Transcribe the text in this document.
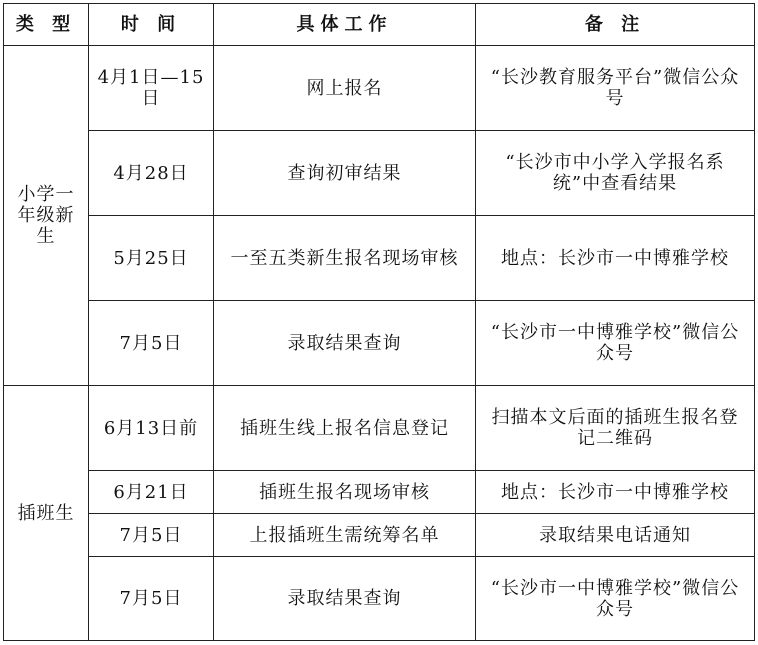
类 型	时 间	具体工作	备 注
小学一年级新生	4月1日—15日	网上报名	“长沙教育服务平台”微信公众号
	4月28日	查询初审结果	“长沙市中小学入学报名系统”中查看结果
	5月25日	一至五类新生报名现场审核	地点：长沙市一中博雅学校
	7月5日	录取结果查询	“长沙市一中博雅学校”微信公众号
插班生	6月13日前	插班生线上报名信息登记	扫描本文后面的插班生报名登记二维码
	6月21日	插班生报名现场审核	地点：长沙市一中博雅学校
	7月5日	上报插班生需统筹名单	录取结果电话通知
	7月5日	录取结果查询	“长沙市一中博雅学校”微信公众号
